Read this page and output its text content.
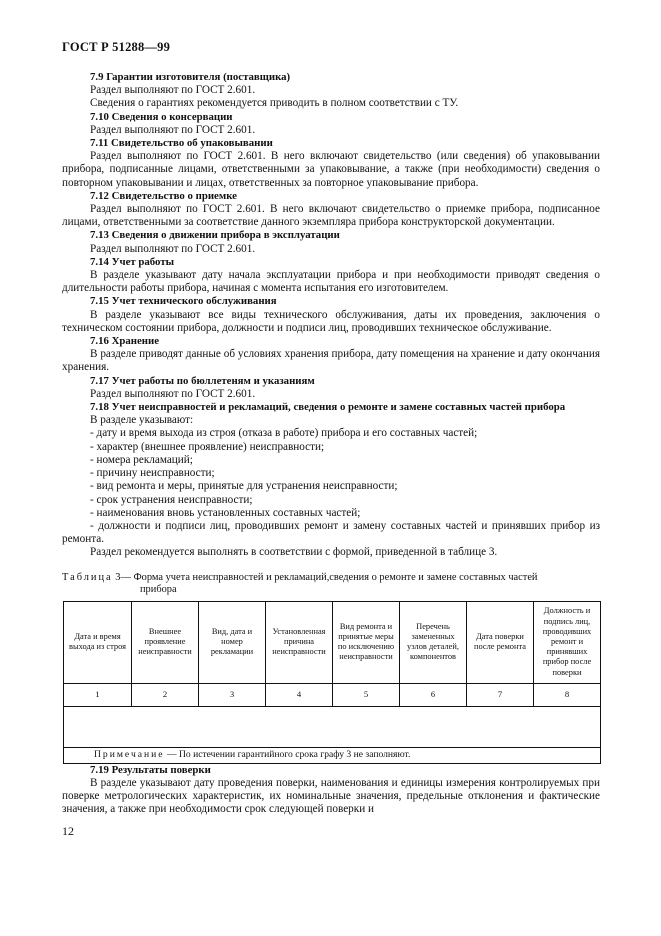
ГОСТ Р 51288—99

7.9 Гарантии изготовителя (поставщика)

Раздел выполняют по ГОСТ 2.601.

Сведения о гарантиях рекомендуется приводить в полном соответствии с ТУ.

7.10 Сведения о консервации

Раздел выполняют по ГОСТ 2.601.

7.11 Свидетельство об упаковывании

Раздел выполняют по ГОСТ 2.601. В него включают свидетельство (или сведения) об упаковывании прибора, подписанные лицами, ответственными за упаковывание, а также (при необходимости) сведения о повторном упаковывании и лицах, ответственных за повторное упаковывание прибора.

7.12 Свидетельство о приемке

Раздел выполняют по ГОСТ 2.601. В него включают свидетельство о приемке прибора, подписанное лицами, ответственными за соответствие данного экземпляра прибора конструкторской документации.

7.13 Сведения о движении прибора в эксплуатации

Раздел выполняют по ГОСТ 2.601.

7.14 Учет работы

В разделе указывают дату начала эксплуатации прибора и при необходимости приводят сведения о длительности работы прибора, начиная с момента испытания его изготовителем.

7.15 Учет технического обслуживания

В разделе указывают все виды технического обслуживания, даты их проведения, заключения о техническом состоянии прибора, должности и подписи лиц, проводивших техническое обслуживание.

7.16 Хранение

В разделе приводят данные об условиях хранения прибора, дату помещения на хранение и дату окончания хранения.

7.17 Учет работы по бюллетеням и указаниям

Раздел выполняют по ГОСТ 2.601.

7.18 Учет неисправностей и рекламаций, сведения о ремонте и замене составных частей прибора

В разделе указывают:

- дату и время выхода из строя (отказа в работе) прибора и его составных частей;

- характер (внешнее проявление) неисправности;

- номера рекламаций;

- причину неисправности;

- вид ремонта и меры, принятые для устранения неисправности;

- срок устранения неисправности;

- наименования вновь установленных составных частей;

- должности и подписи лиц, проводивших ремонт и замену составных частей и принявших прибор из ремонта.

Раздел рекомендуется выполнять в соответствии с формой, приведенной в таблице 3.

Таблица 3— Форма учета неисправностей и рекламаций,сведения о ремонте и замене составных частей
прибора
Дата и время выхода из строя	Внешнее проявление неисправности	Вид, дата и номер рекламации	Установленная причина неисправности	Вид ремонта и принятые меры по исключению неисправности	Перечень замененных узлов деталей, компонентов	Дата поверки после ремонта	Должность и подпись лиц, проводивших ремонт и принявших прибор после поверки
1	2	3	4	5	6	7	8

Примечание — По истечении гарантийного срока графу 3 не заполняют.							

7.19 Результаты поверки

В разделе указывают дату проведения поверки, наименования и единицы измерения контролируемых при поверке метрологических характеристик, их номинальные значения, предельные отклонения и фактические значения, а также при необходимости срок следующей поверки и

12
